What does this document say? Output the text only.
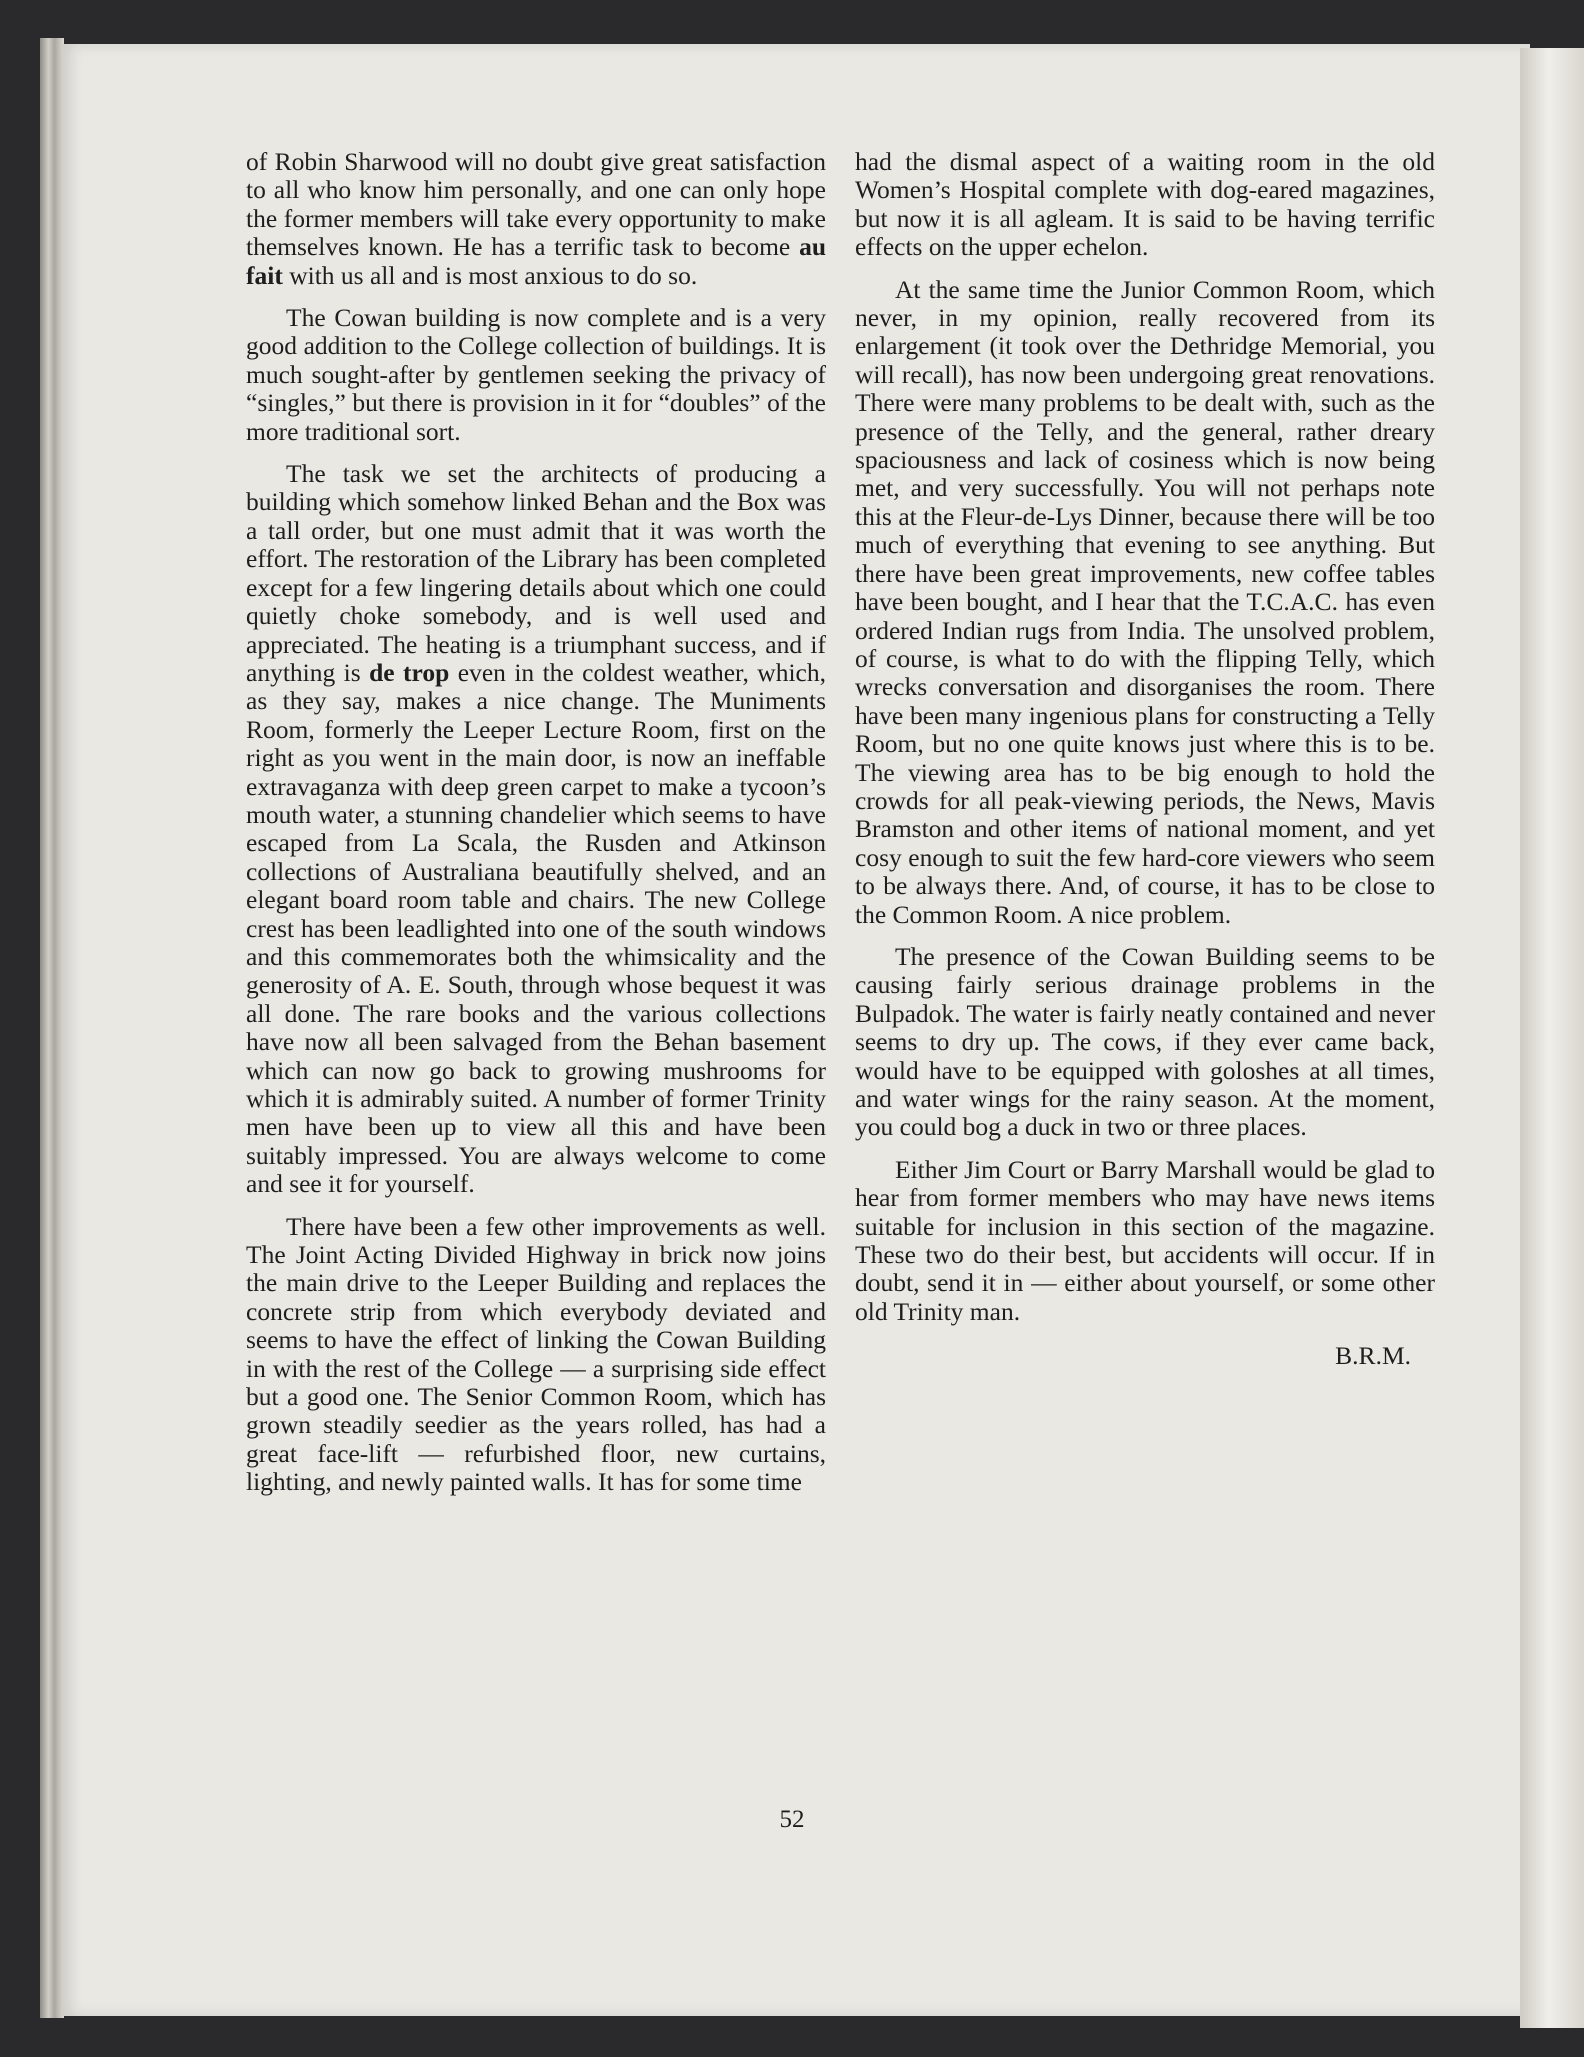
of Robin Sharwood will no doubt give great satisfaction to all who know him personally, and one can only hope the former members will take every opportunity to make themselves known. He has a terrific task to become au fait with us all and is most anxious to do so.

The Cowan building is now complete and is a very good addition to the College collection of buildings. It is much sought-after by gentlemen seeking the privacy of “singles,” but there is provision in it for “doubles” of the more traditional sort.

The task we set the architects of producing a building which somehow linked Behan and the Box was a tall order, but one must admit that it was worth the effort. The restoration of the Library has been completed except for a few lingering details about which one could quietly choke somebody, and is well used and appreciated. The heating is a triumphant success, and if anything is de trop even in the coldest weather, which, as they say, makes a nice change. The Muniments Room, formerly the Leeper Lecture Room, first on the right as you went in the main door, is now an ineffable extravaganza with deep green carpet to make a tycoon’s mouth water, a stunning chandelier which seems to have escaped from La Scala, the Rusden and Atkinson collections of Australiana beautifully shelved, and an elegant board room table and chairs. The new College crest has been leadlighted into one of the south windows and this commemorates both the whimsicality and the generosity of A. E. South, through whose bequest it was all done. The rare books and the various collections have now all been salvaged from the Behan basement which can now go back to growing mushrooms for which it is admirably suited. A number of former Trinity men have been up to view all this and have been suitably impressed. You are always welcome to come and see it for yourself.

There have been a few other improvements as well. The Joint Acting Divided Highway in brick now joins the main drive to the Leeper Building and replaces the concrete strip from which everybody deviated and seems to have the effect of linking the Cowan Building in with the rest of the College — a surprising side effect but a good one. The Senior Common Room, which has grown steadily seedier as the years rolled, has had a great face-lift — refurbished floor, new curtains, lighting, and newly painted walls. It has for some time

had the dismal aspect of a waiting room in the old Women’s Hospital complete with dog-eared magazines, but now it is all agleam. It is said to be having terrific effects on the upper echelon.

At the same time the Junior Common Room, which never, in my opinion, really recovered from its enlargement (it took over the Dethridge Memorial, you will recall), has now been undergoing great renovations. There were many problems to be dealt with, such as the presence of the Telly, and the general, rather dreary spaciousness and lack of cosiness which is now being met, and very successfully. You will not perhaps note this at the Fleur-de-Lys Dinner, because there will be too much of everything that evening to see anything. But there have been great improvements, new coffee tables have been bought, and I hear that the T.C.A.C. has even ordered Indian rugs from India. The unsolved problem, of course, is what to do with the flipping Telly, which wrecks conversation and disorganises the room. There have been many ingenious plans for constructing a Telly Room, but no one quite knows just where this is to be. The viewing area has to be big enough to hold the crowds for all peak-viewing periods, the News, Mavis Bramston and other items of national moment, and yet cosy enough to suit the few hard-core viewers who seem to be always there. And, of course, it has to be close to the Common Room. A nice problem.

The presence of the Cowan Building seems to be causing fairly serious drainage problems in the Bulpadok. The water is fairly neatly contained and never seems to dry up. The cows, if they ever came back, would have to be equipped with goloshes at all times, and water wings for the rainy season. At the moment, you could bog a duck in two or three places.

Either Jim Court or Barry Marshall would be glad to hear from former members who may have news items suitable for inclusion in this section of the magazine. These two do their best, but accidents will occur. If in doubt, send it in — either about yourself, or some other old Trinity man.

B.R.M.

52
